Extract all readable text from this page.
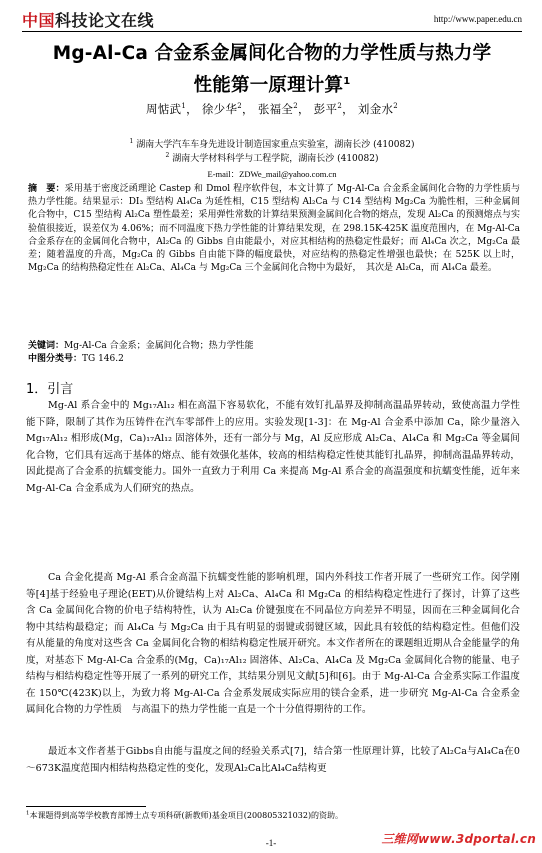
中国科技论文在线	http://www.paper.edu.cn
Mg-Al-Ca 合金系金属间化合物的力学性质与热力学
性能第一原理计算$^1$
周惦武$^1$， 徐少华$^2$， 张福全$^2$， 彭平$^2$， 刘金水$^2$
$^1$ 湖南大学汽车车身先进设计制造国家重点实验室，湖南长沙 (410082)
$^2$ 湖南大学材料科学与工程学院，湖南长沙 (410082)
E-mail：ZDWe_mail@yahoo.com.cn
摘　要：采用基于密度泛函理论 Castep 和 Dmol 程序软件包，本文计算了 Mg-Al-Ca 合金系金属间化合物的力学性质与热力学性能。结果显示：DI₃ 型结构 Al₄Ca 为延性相，C15 型结构 Al₂Ca 与 C14 型结构 Mg₂Ca 为脆性相，三种金属间化合物中，C15 型结构 Al₂Ca 塑性最差；采用弹性常数的计算结果预测金属间化合物的熔点，发现 Al₂Ca 的预测熔点与实验值很接近，误差仅为 4.06%；而不同温度下热力学性能的计算结果发现，在 298.15K-425K 温度范围内，在 Mg-Al-Ca 合金系存在的金属间化合物中，Al₂Ca 的 Gibbs 自由能最小，对应其相结构的热稳定性最好；而 Al₄Ca 次之，Mg₂Ca 最差；随着温度的升高，Mg₂Ca 的 Gibbs 自由能下降的幅度最快，对应结构的热稳定性增强也最快；在 525K 以上时，Mg₂Ca 的结构热稳定性在 Al₂Ca、Al₄Ca 与 Mg₂Ca 三个金属间化合物中为最好，　其次是 Al₂Ca，而 Al₄Ca 最差。
关键词：Mg-Al-Ca 合金系；金属间化合物；热力学性能
中图分类号：TG 146.2
1．引言
Mg-Al 系合金中的 Mg₁₇Al₁₂ 相在高温下容易软化，不能有效钉扎晶界及抑制高温晶界转动，致使高温力学性能下降，限制了其作为压铸件在汽车零部件上的应用。实验发现[1-3]：在 Mg-Al 合金系中添加 Ca，除少量溶入 Mg₁₇Al₁₂ 相形成(Mg，Ca)₁₇Al₁₂ 固溶体外，还有一部分与 Mg，Al 反应形成 Al₂Ca、Al₄Ca 和 Mg₂Ca 等金属间化合物，它们具有远高于基体的熔点、能有效强化基体，较高的相结构稳定性使其能钉扎晶界，抑制高温晶界转动，因此提高了合金系的抗蠕变能力。国外一直致力于利用 Ca 来提高 Mg-Al 系合金的高温强度和抗蠕变性能，近年来 Mg-Al-Ca 合金系成为人们研究的热点。
Ca 合金化提高 Mg-Al 系合金高温下抗蠕变性能的影响机理，国内外科技工作者开展了一些研究工作。闵学刚等[4]基于经验电子理论(EET)从价键结构上对 Al₂Ca、Al₄Ca 和 Mg₂Ca 的相结构稳定性进行了探讨，计算了这些含 Ca 金属间化合物的价电子结构特性，认为 Al₂Ca 价键强度在不同晶位方向差异不明显，因而在三种金属间化合物中其结构最稳定；而 Al₄Ca 与 Mg₂Ca 由于具有明显的弱键或弱键区域，因此具有较低的结构稳定性。但他们没有从能量的角度对这些含 Ca 金属间化合物的相结构稳定性展开研究。本文作者所在的课题组近期从合金能量学的角度，对基态下 Mg-Al-Ca 合金系的(Mg，Ca)₁₇Al₁₂ 固溶体、Al₂Ca、Al₄Ca 及 Mg₂Ca 金属间化合物的能量、电子结构与相结构稳定性等开展了一系列的研究工作，其结果分别见文献[5]和[6]。由于 Mg-Al-Ca 合金系实际工作温度在 150℃(423K)以上，为致力将 Mg-Al-Ca 合金系发展成实际应用的镁合金系，进一步研究 Mg-Al-Ca 合金系金属间化合物的力学性质　与高温下的热力学性能一直是一个十分值得期待的工作。
最近本文作者基于Gibbs自由能与温度之间的经验关系式[7]，结合第一性原理计算，比较了Al₂Ca与Al₄Ca在0～673K温度范围内相结构热稳定性的变化，发现Al₂Ca比Al₄Ca结构更
$^1$本课题得到高等学校教育部博士点专项科研(新教师)基金项目(200805321032)的资助。
-1-	三维网www.3dportal.cn
